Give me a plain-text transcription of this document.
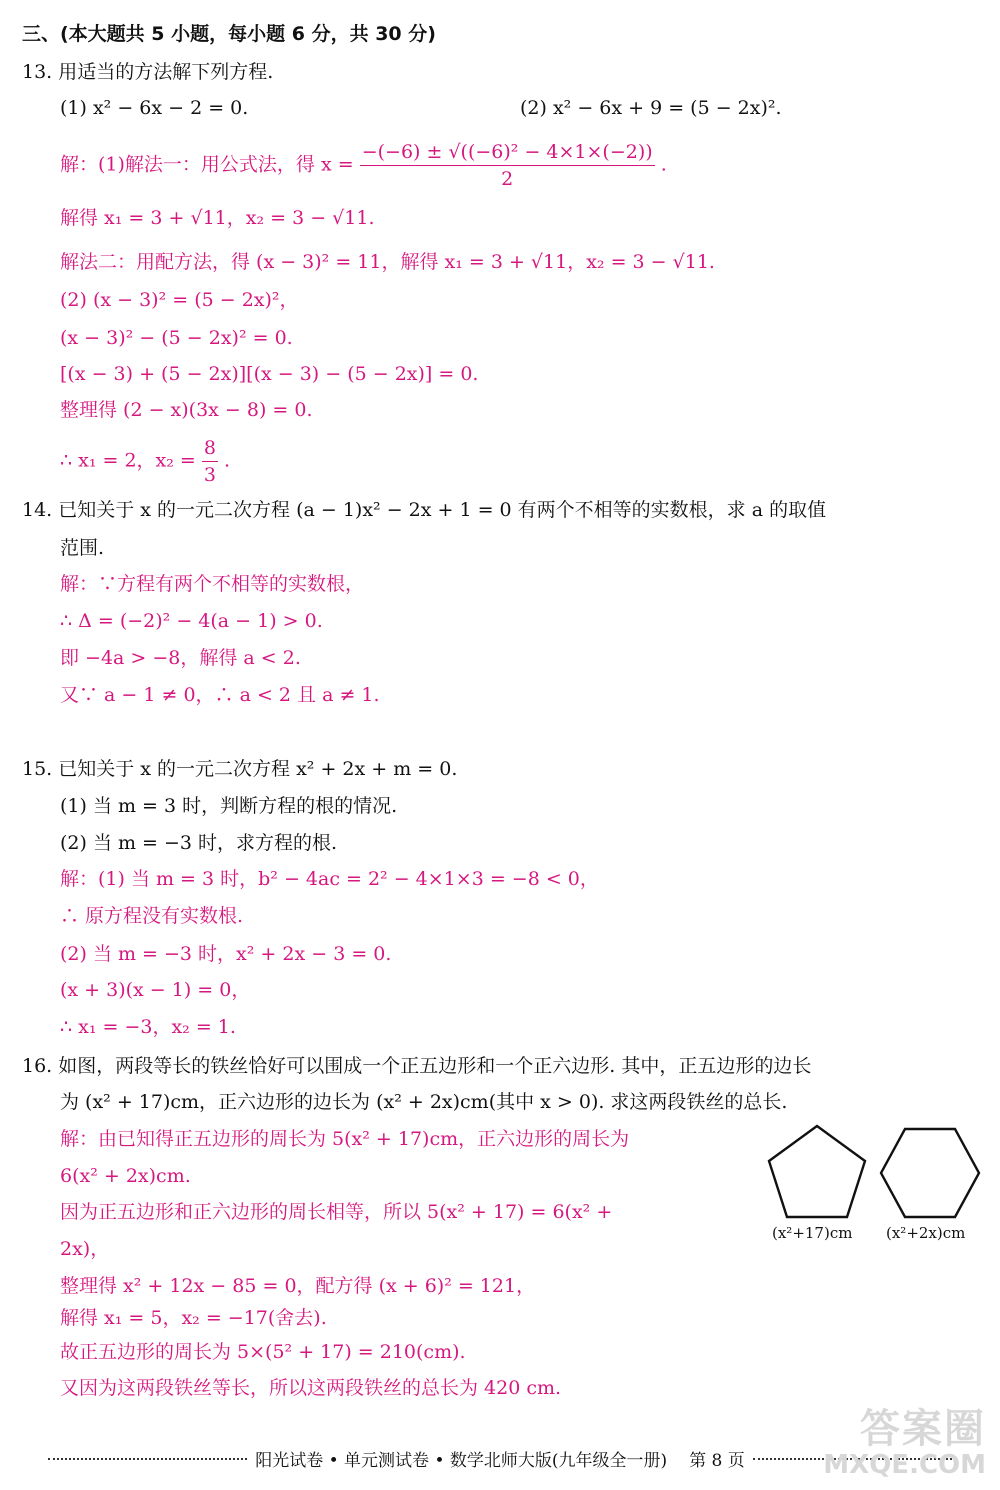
三、(本大题共 5 小题，每小题 6 分，共 30 分)
13. 用适当的方法解下列方程.
(1) x² − 6x − 2 = 0.	(2) x² − 6x + 9 = (5 − 2x)².
解：(1)解法一：用公式法，得 $x = \frac{\text{−(−6) ± √((−6)² − 4×1×(−2))}}{2}$ .
解得 x₁ = 3 + √11，x₂ = 3 − √11.
解法二：用配方法，得 (x − 3)² = 11，解得 x₁ = 3 + √11，x₂ = 3 − √11.
(2) (x − 3)² = (5 − 2x)²，
(x − 3)² − (5 − 2x)² = 0.
[(x − 3) + (5 − 2x)][(x − 3) − (5 − 2x)] = 0.
整理得 (2 − x)(3x − 8) = 0.
∴ x₁ = 2，$x_2 = \frac{8}{3}$ .
14. 已知关于 x 的一元二次方程 (a − 1)x² − 2x + 1 = 0 有两个不相等的实数根，求 a 的取值
范围.
解：∵方程有两个不相等的实数根，
∴ Δ = (−2)² − 4(a − 1) > 0.
即 −4a > −8，解得 a < 2.
又∵ a − 1 ≠ 0，∴ a < 2 且 a ≠ 1.
15. 已知关于 x 的一元二次方程 x² + 2x + m = 0.
(1) 当 m = 3 时，判断方程的根的情况.
(2) 当 m = −3 时，求方程的根.
解：(1) 当 m = 3 时，b² − 4ac = 2² − 4×1×3 = −8 < 0，
∴ 原方程没有实数根.
(2) 当 m = −3 时，x² + 2x − 3 = 0.
(x + 3)(x − 1) = 0，
∴ x₁ = −3，x₂ = 1.
16. 如图，两段等长的铁丝恰好可以围成一个正五边形和一个正六边形. 其中，正五边形的边长
为 (x² + 17)cm，正六边形的边长为 (x² + 2x)cm(其中 x > 0). 求这两段铁丝的总长.
解：由已知得正五边形的周长为 5(x² + 17)cm，正六边形的周长为
6(x² + 2x)cm.
因为正五边形和正六边形的周长相等，所以 5(x² + 17) = 6(x² +
2x)，
整理得 x² + 12x − 85 = 0，配方得 (x + 6)² = 121，
解得 x₁ = 5，x₂ = −17(舍去).
故正五边形的周长为 5×(5² + 17) = 210(cm).
又因为这两段铁丝等长，所以这两段铁丝的总长为 420 cm.
(x²+17)cm (x²+2x)cm
阳光试卷 • 单元测试卷 • 数学北师大版(九年级全一册) 第 8 页
答案圈
MXQE.COM
